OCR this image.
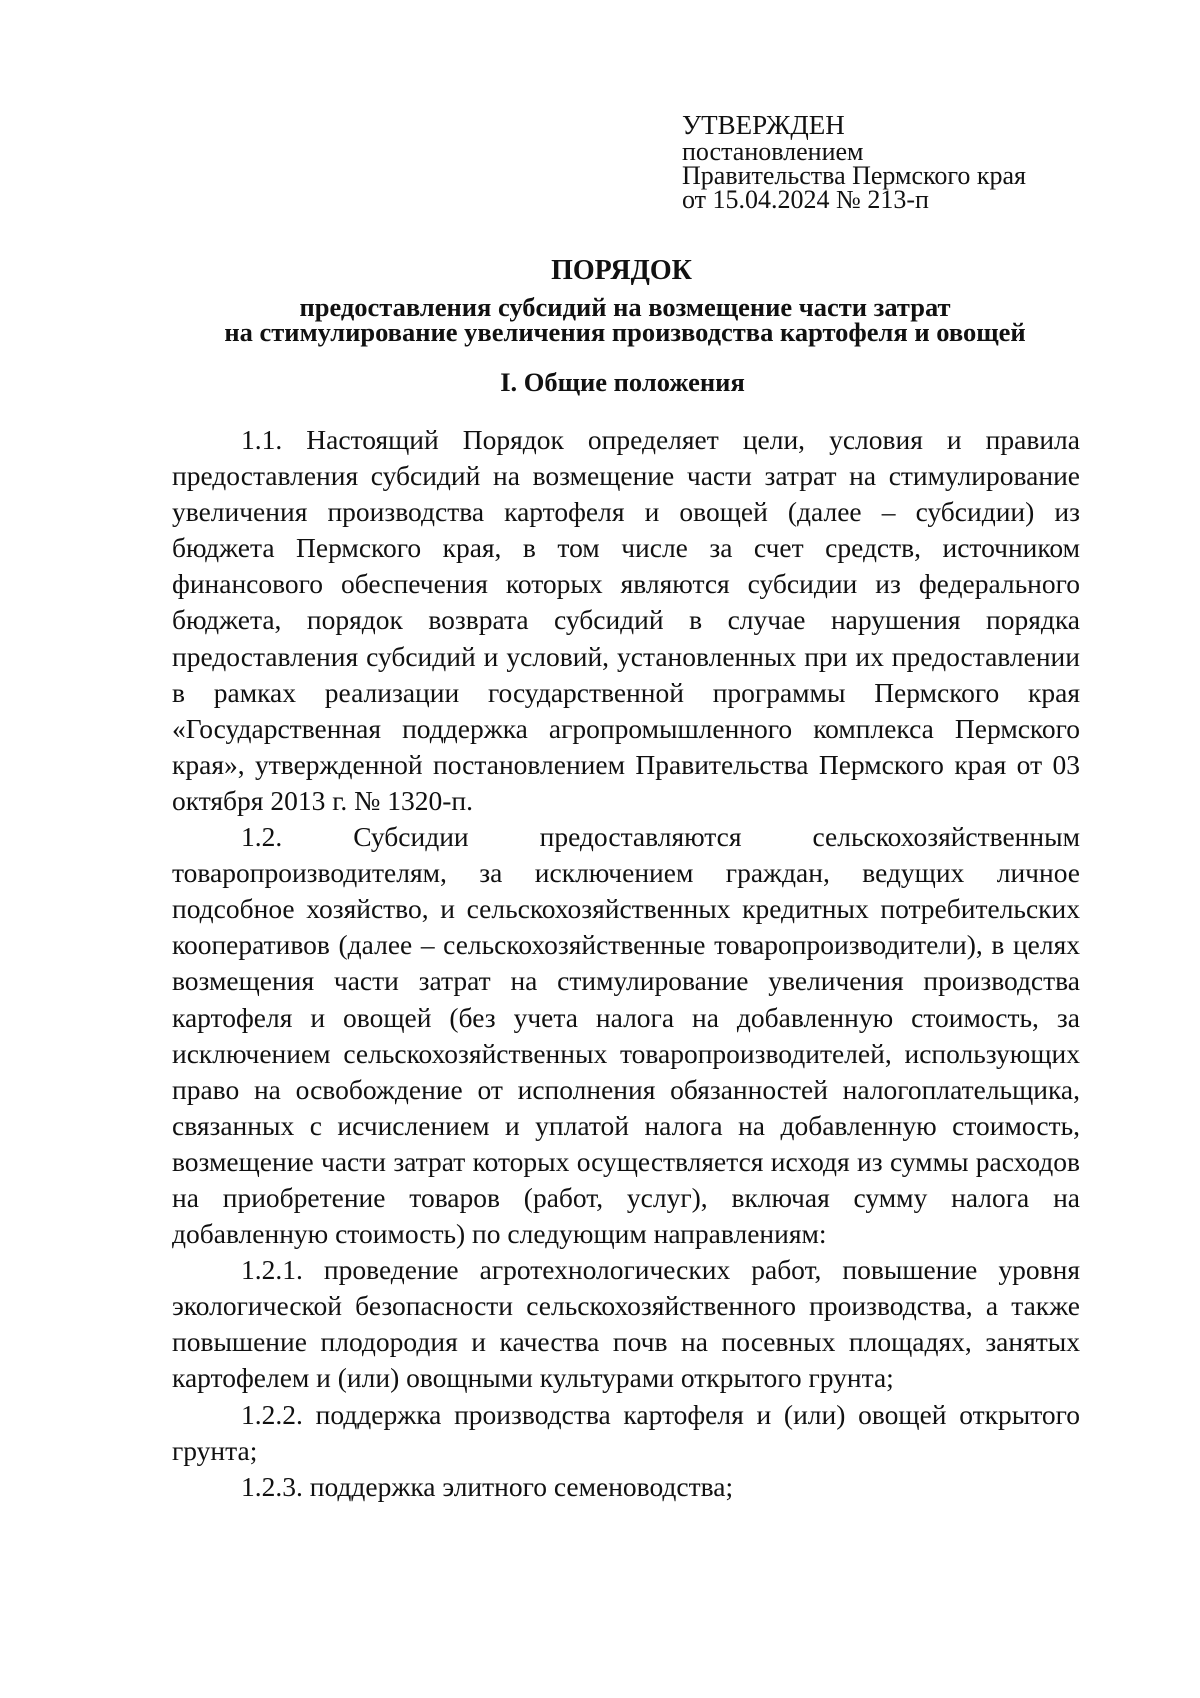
УТВЕРЖДЕН
постановлением
Правительства Пермского края
от 15.04.2024 № 213-п
ПОРЯДОК
предоставления субсидий на возмещение части затрат
на стимулирование увеличения производства картофеля и овощей
I. Общие положения

1.1. Настоящий Порядок определяет цели, условия и правила предоставления субсидий на возмещение части затрат на стимулирование увеличения производства картофеля и овощей (далее – субсидии) из бюджета Пермского края, в том числе за счет средств, источником финансового обеспечения которых являются субсидии из федерального бюджета, порядок возврата субсидий в случае нарушения порядка предоставления субсидий и условий, установленных при их предоставлении в рамках реализации государственной программы Пермского края «Государственная поддержка агропромышленного комплекса Пермского края», утвержденной постановлением Правительства Пермского края от 03 октября 2013 г. № 1320-п.

1.2. Субсидии предоставляются сельскохозяйственным товаропроизводителям, за исключением граждан, ведущих личное подсобное хозяйство, и сельскохозяйственных кредитных потребительских кооперативов (далее – сельскохозяйственные товаропроизводители), в целях возмещения части затрат на стимулирование увеличения производства картофеля и овощей (без учета налога на добавленную стоимость, за исключением сельскохозяйственных товаропроизводителей, использующих право на освобождение от исполнения обязанностей налогоплательщика, связанных с исчислением и уплатой налога на добавленную стоимость, возмещение части затрат которых осуществляется исходя из суммы расходов на приобретение товаров (работ, услуг), включая сумму налога на добавленную стоимость) по следующим направлениям:

1.2.1. проведение агротехнологических работ, повышение уровня экологической безопасности сельскохозяйственного производства, а также повышение плодородия и качества почв на посевных площадях, занятых картофелем и (или) овощными культурами открытого грунта;

1.2.2. поддержка производства картофеля и (или) овощей открытого грунта;

1.2.3. поддержка элитного семеноводства;
